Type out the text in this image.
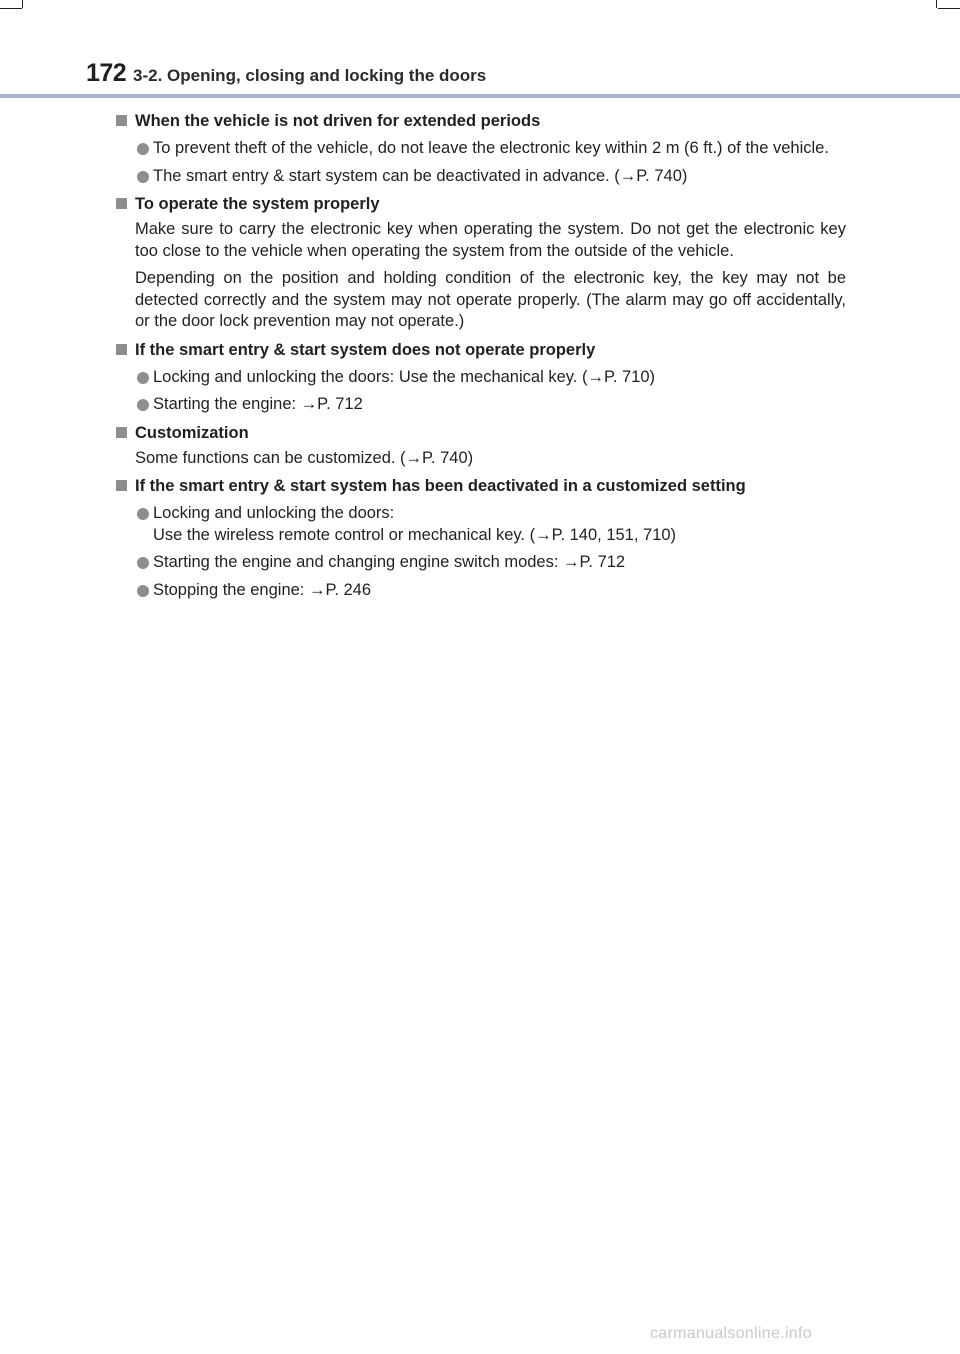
172 3-2. Opening, closing and locking the doors
When the vehicle is not driven for extended periods
To prevent theft of the vehicle, do not leave the electronic key within 2 m (6 ft.) of the vehicle.
The smart entry & start system can be deactivated in advance. (→P. 740)
To operate the system properly
Make sure to carry the electronic key when operating the system. Do not get the electronic key too close to the vehicle when operating the system from the outside of the vehicle.
Depending on the position and holding condition of the electronic key, the key may not be detected correctly and the system may not operate properly. (The alarm may go off accidentally, or the door lock prevention may not operate.)
If the smart entry & start system does not operate properly
Locking and unlocking the doors: Use the mechanical key. (→P. 710)
Starting the engine: →P. 712
Customization
Some functions can be customized. (→P. 740)
If the smart entry & start system has been deactivated in a customized setting
Locking and unlocking the doors:
Use the wireless remote control or mechanical key. (→P. 140, 151, 710)
Starting the engine and changing engine switch modes: →P. 712
Stopping the engine: →P. 246
carmanualsonline.info
